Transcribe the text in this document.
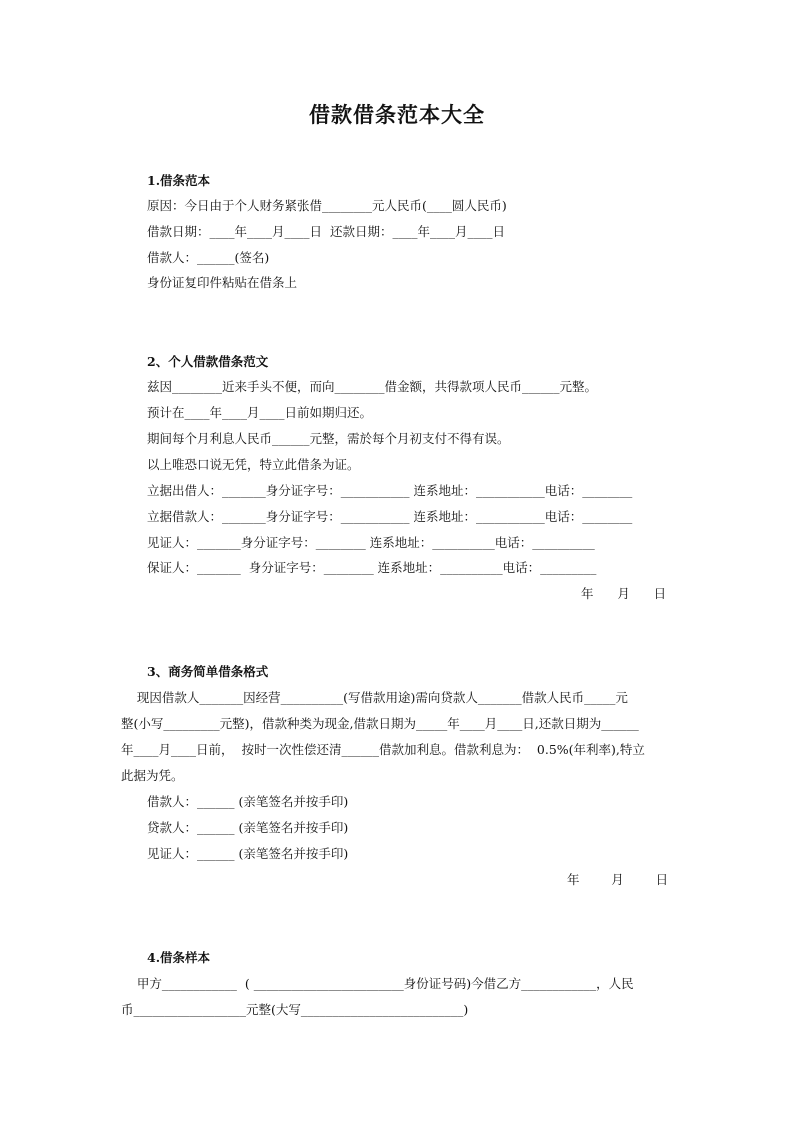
借款借条范本大全
1.借条范本
原因：今日由于个人财务紧张借________元人民币(____圆人民币)
借款日期：____年____月____日  还款日期：____年____月____日
借款人：______(签名)
身份证复印件粘贴在借条上
2、个人借款借条范文
兹因________近来手头不便，而向________借金额，共得款项人民币______元整。
预计在____年____月____日前如期归还。
期间每个月利息人民币______元整，需於每个月初支付不得有误。
以上唯恐口说无凭，特立此借条为证。
立据出借人：_______身分证字号：___________ 连系地址：___________电话：________
立据借款人：_______身分证字号：___________ 连系地址：___________电话：________
见证人：_______身分证字号：________ 连系地址：__________电话：__________
保证人：_______  身分证字号：________ 连系地址：__________电话：_________
年      月      日
3、商务简单借条格式
现因借款人_______因经营__________(写借款用途)需向贷款人_______借款人民币_____元
整(小写_________元整)，借款种类为现金,借款日期为_____年____月____日,还款日期为______
年____月____日前，  按时一次性偿还清______借款加利息。借款利息为：  0.5%(年利率),特立
此据为凭。
借款人：______ (亲笔签名并按手印)
贷款人：______ (亲笔签名并按手印)
见证人：______ (亲笔签名并按手印)
年        月        日
4.借条样本
甲方____________  ( ________________________身份证号码)今借乙方____________，人民
币__________________元整(大写__________________________)
